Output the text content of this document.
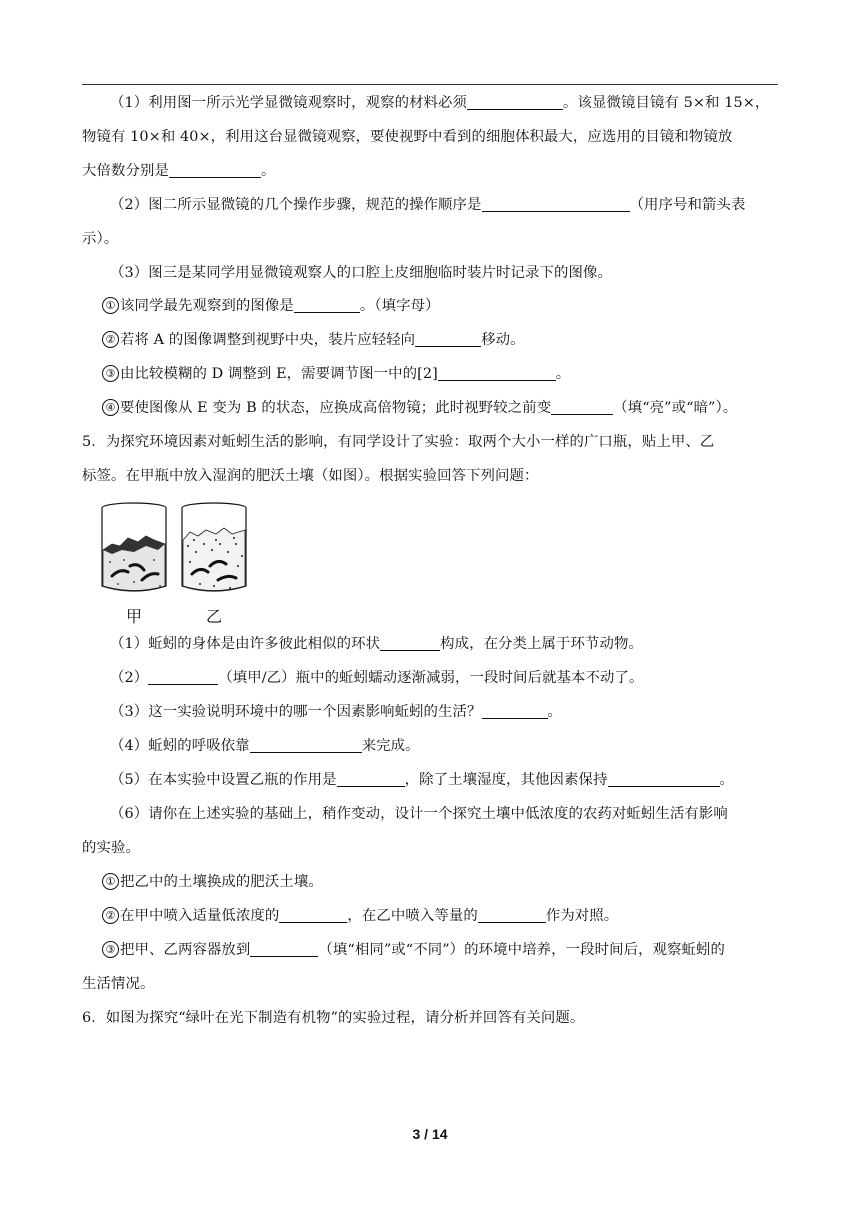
（1）利用图一所示光学显微镜观察时，观察的材料必须	。该显微镜目镜有 5×和 15×，
物镜有 10×和 40×，利用这台显微镜观察，要使视野中看到的细胞体积最大，应选用的目镜和物镜放
大倍数分别是	。
（2）图二所示显微镜的几个操作步骤，规范的操作顺序是	（用序号和箭头表
示）。
（3）图三是某同学用显微镜观察人的口腔上皮细胞临时装片时记录下的图像。
① 该同学最先观察到的图像是	。（填字母）
② 若将 A 的图像调整到视野中央，装片应轻轻向	移动。
③ 由比较模糊的 D 调整到 E，需要调节图一中的[2]	。
④ 要使图像从 E 变为 B 的状态，应换成高倍物镜；此时视野较之前变	（填“亮”或“暗”）。
5．为探究环境因素对蚯蚓生活的影响，有同学设计了实验：取两个大小一样的广口瓶，贴上甲、乙
标签。在甲瓶中放入湿润的肥沃土壤（如图）。根据实验回答下列问题：
甲	乙
（1）蚯蚓的身体是由许多彼此相似的环状	构成，在分类上属于环节动物。
（2）	（填甲/乙）瓶中的蚯蚓蠕动逐渐减弱，一段时间后就基本不动了。
（3）这一实验说明环境中的哪一个因素影响蚯蚓的生活？	。
（4）蚯蚓的呼吸依靠	来完成。
（5）在本实验中设置乙瓶的作用是	，除了土壤湿度，其他因素保持	。
（6）请你在上述实验的基础上，稍作变动，设计一个探究土壤中低浓度的农药对蚯蚓生活有影响
的实验。
① 把乙中的土壤换成的肥沃土壤。
② 在甲中喷入适量低浓度的	，在乙中喷入等量的	作为对照。
③ 把甲、乙两容器放到	（填“相同”或“不同”）的环境中培养，一段时间后，观察蚯蚓的
生活情况。
6．如图为探究“绿叶在光下制造有机物”的实验过程，请分析并回答有关问题。
3 / 14
